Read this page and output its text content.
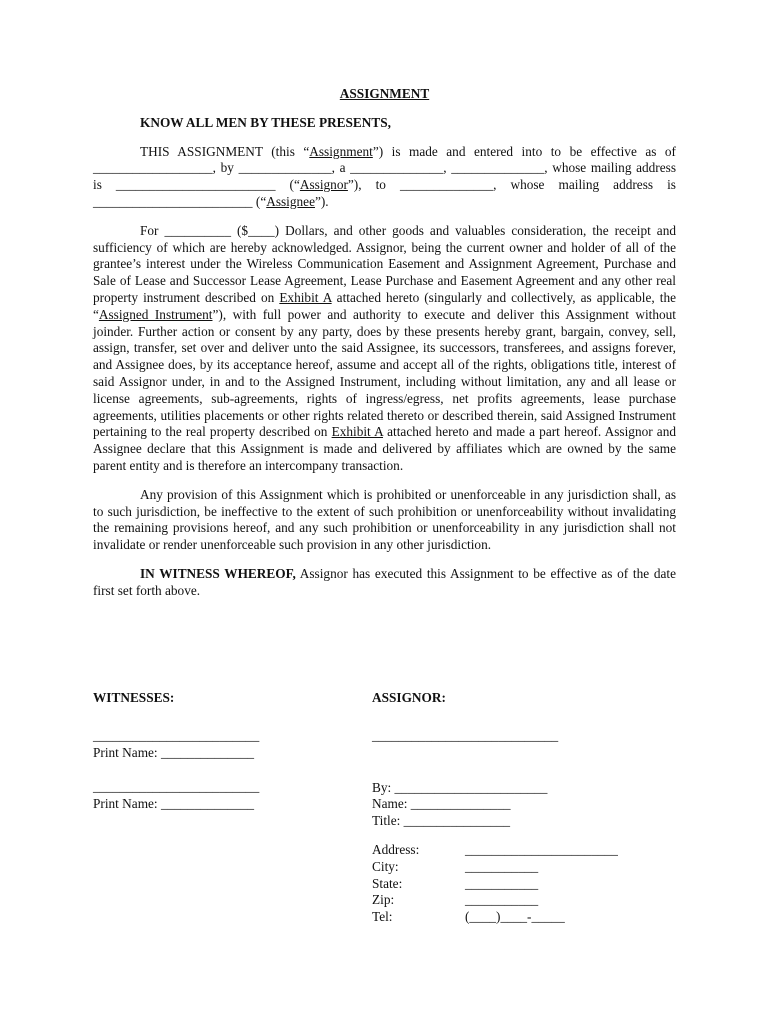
ASSIGNMENT

KNOW ALL MEN BY THESE PRESENTS,

THIS ASSIGNMENT (this “Assignment”) is made and entered into to be effective as of __________________, by ______________, a ______________, ______________, whose mailing address is ________________________ (“Assignor”), to ______________, whose mailing address is ________________________ (“Assignee”).

For __________ ($____) Dollars, and other goods and valuables consideration, the receipt and sufficiency of which are hereby acknowledged. Assignor, being the current owner and holder of all of the grantee’s interest under the Wireless Communication Easement and Assignment Agreement, Purchase and Sale of Lease and Successor Lease Agreement, Lease Purchase and Easement Agreement and any other real property instrument described on Exhibit A attached hereto (singularly and collectively, as applicable, the “Assigned Instrument”), with full power and authority to execute and deliver this Assignment without joinder. Further action or consent by any party, does by these presents hereby grant, bargain, convey, sell, assign, transfer, set over and deliver unto the said Assignee, its successors, transferees, and assigns forever, and Assignee does, by its acceptance hereof, assume and accept all of the rights, obligations title, interest of said Assignor under, in and to the Assigned Instrument, including without limitation, any and all lease or license agreements, sub-agreements, rights of ingress/egress, net profits agreements, lease purchase agreements, utilities placements or other rights related thereto or described therein, said Assigned Instrument pertaining to the real property described on Exhibit A attached hereto and made a part hereof. Assignor and Assignee declare that this Assignment is made and delivered by affiliates which are owned by the same parent entity and is therefore an intercompany transaction.

Any provision of this Assignment which is prohibited or unenforceable in any jurisdiction shall, as to such jurisdiction, be ineffective to the extent of such prohibition or unenforceability without invalidating the remaining provisions hereof, and any such prohibition or unenforceability in any jurisdiction shall not invalidate or render unenforceable such provision in any other jurisdiction.

IN WITNESS WHEREOF, Assignor has executed this Assignment to be effective as of the date first set forth above.

WITNESSES:
_________________________
Print Name: ______________
_________________________
Print Name: ______________
ASSIGNOR:
____________________________
By: _______________________
Name: _______________
Title: ________________
Address:	_______________________
City:	___________
State:	___________
Zip:	___________
Tel:	(____)____-_____
